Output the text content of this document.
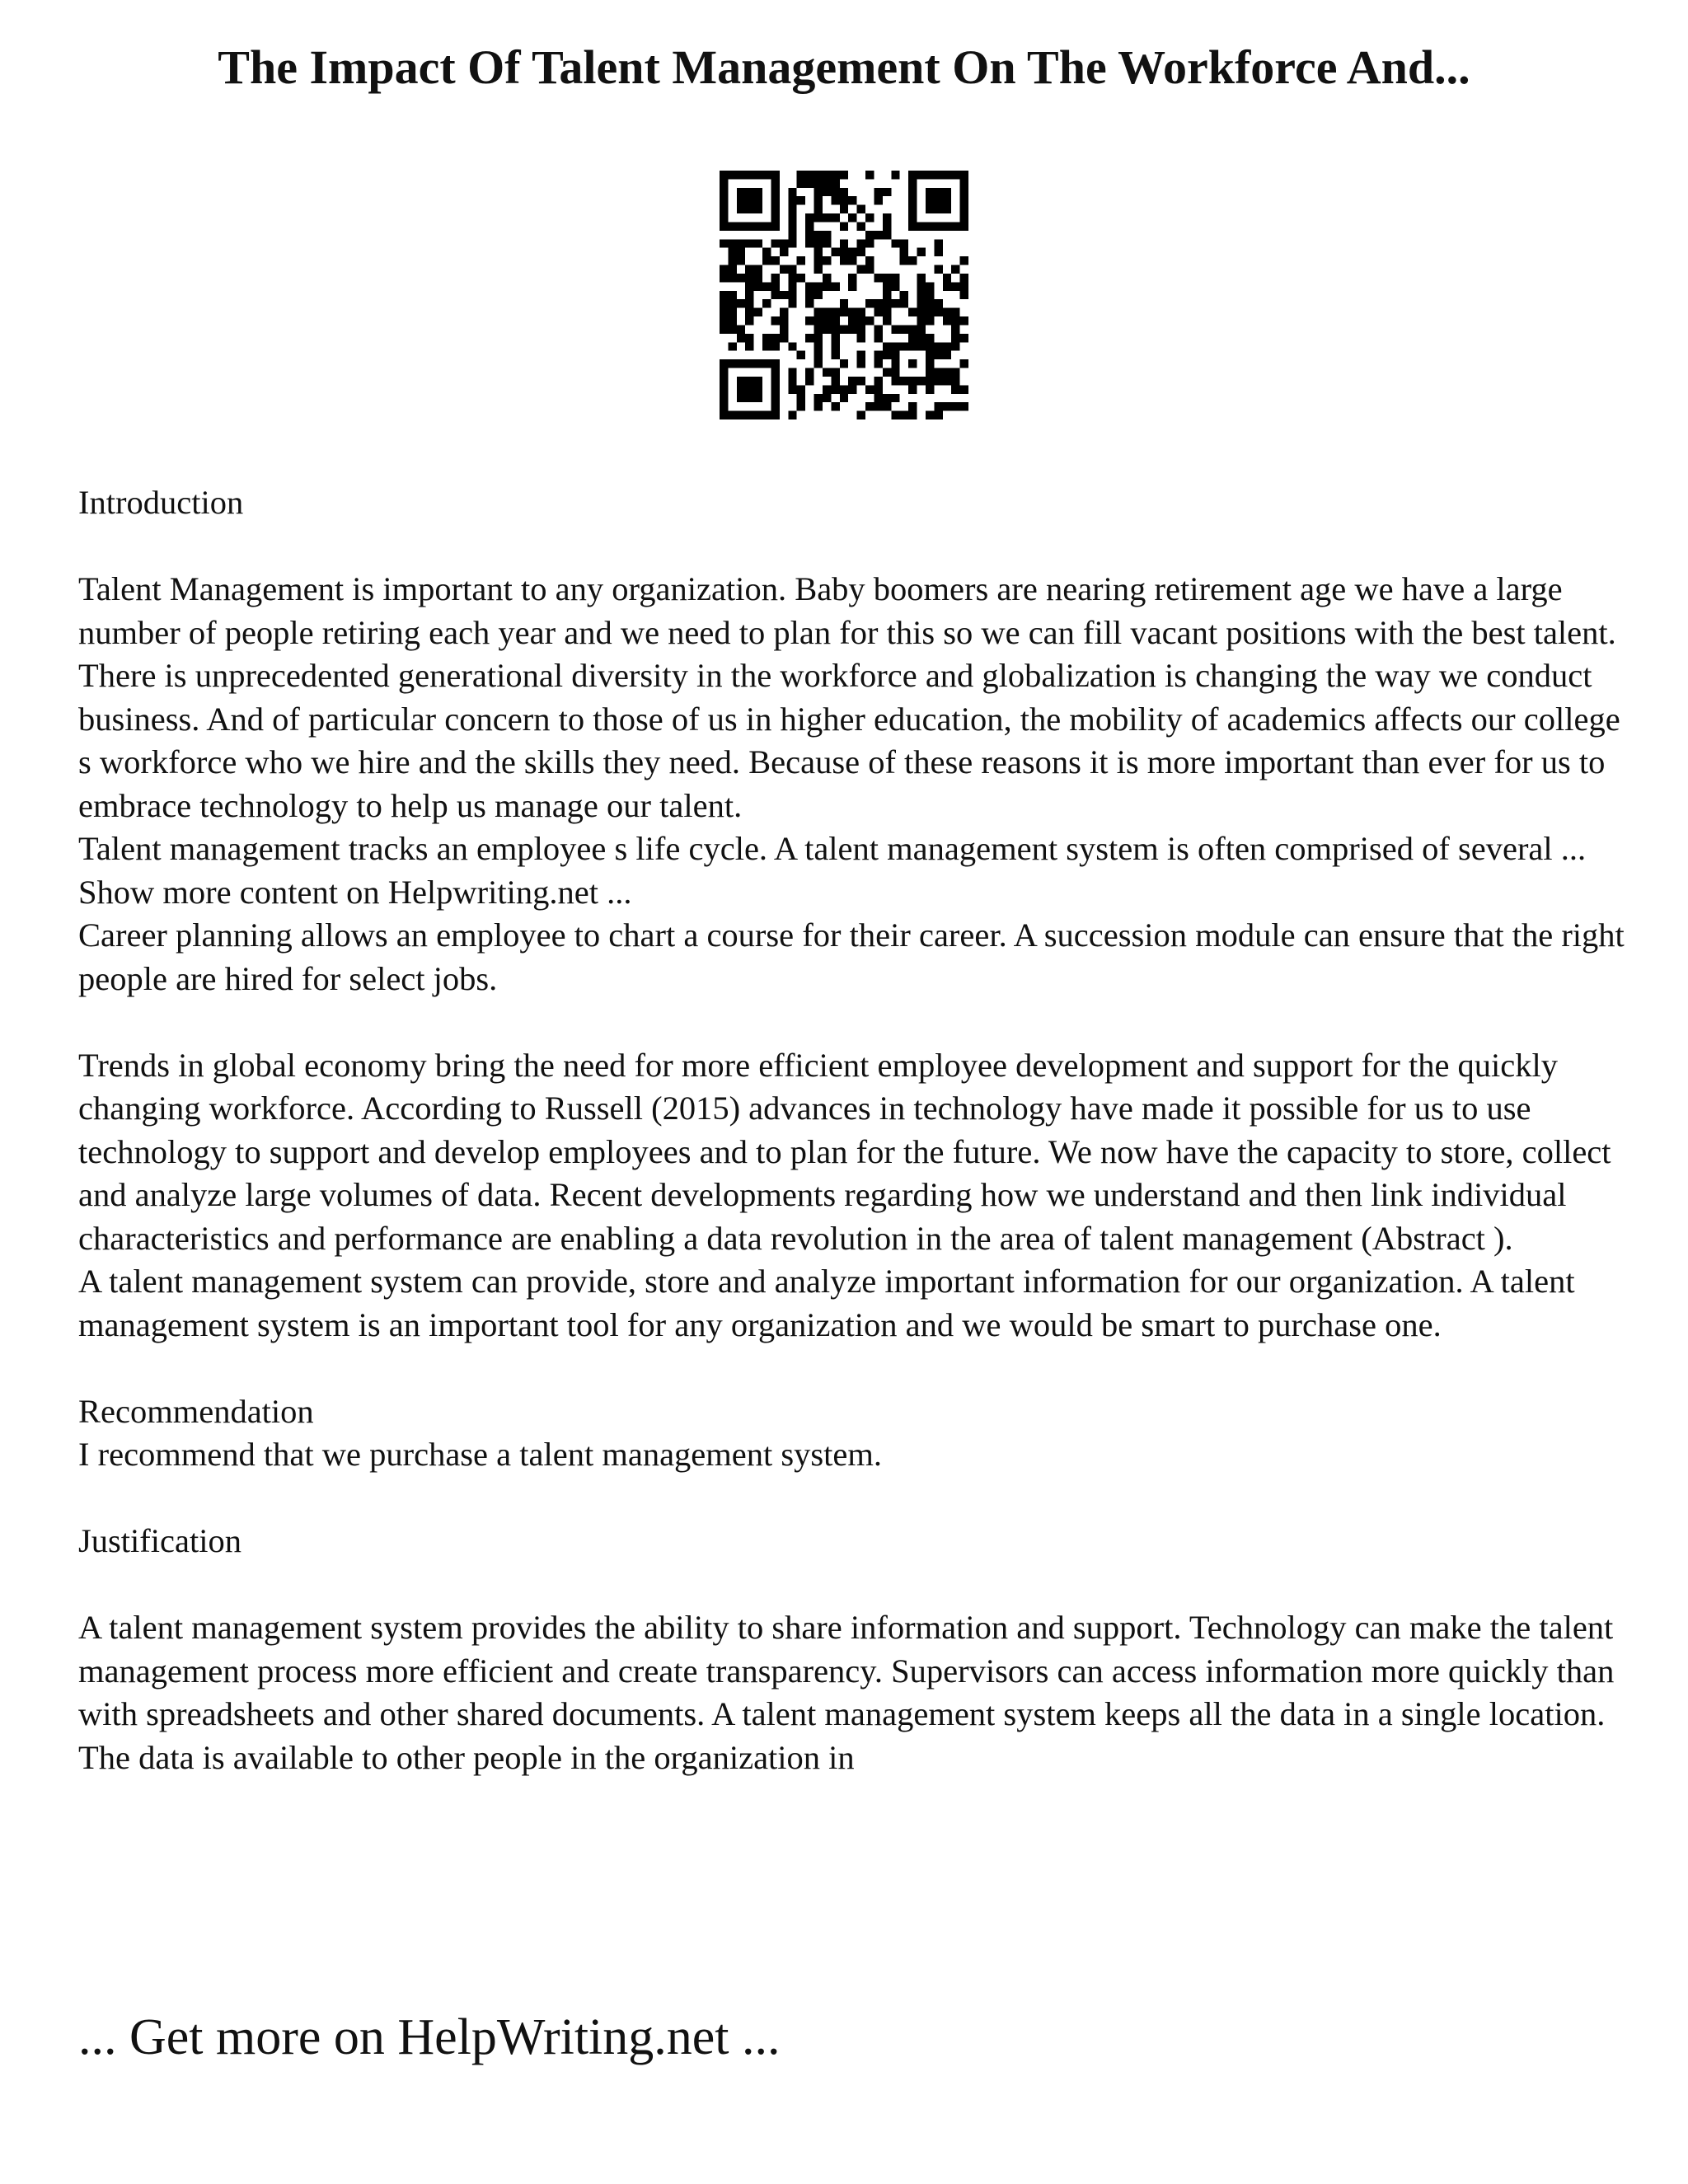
The Impact Of Talent Management On The Workforce And...

Introduction

Talent Management is important to any organization. Baby boomers are nearing retirement age we have a large number of people retiring each year and we need to plan for this so we can fill vacant positions with the best talent. There is unprecedented generational diversity in the workforce and globalization is changing the way we conduct business. And of particular concern to those of us in higher education, the mobility of academics affects our college s workforce who we hire and the skills they need. Because of these reasons it is more important than ever for us to embrace technology to help us manage our talent.

Talent management tracks an employee s life cycle. A talent management system is often comprised of several ... Show more content on Helpwriting.net ...

Career planning allows an employee to chart a course for their career. A succession module can ensure that the right people are hired for select jobs.

Trends in global economy bring the need for more efficient employee development and support for the quickly changing workforce. According to Russell (2015) advances in technology have made it possible for us to use technology to support and develop employees and to plan for the future. We now have the capacity to store, collect and analyze large volumes of data. Recent developments regarding how we understand and then link individual characteristics and performance are enabling a data revolution in the area of talent management (Abstract ).

A talent management system can provide, store and analyze important information for our organization. A talent management system is an important tool for any organization and we would be smart to purchase one.

Recommendation

I recommend that we purchase a talent management system.

Justification

A talent management system provides the ability to share information and support. Technology can make the talent management process more efficient and create transparency. Supervisors can access information more quickly than with spreadsheets and other shared documents. A talent management system keeps all the data in a single location. The data is available to other people in the organization in

... Get more on HelpWriting.net ...
